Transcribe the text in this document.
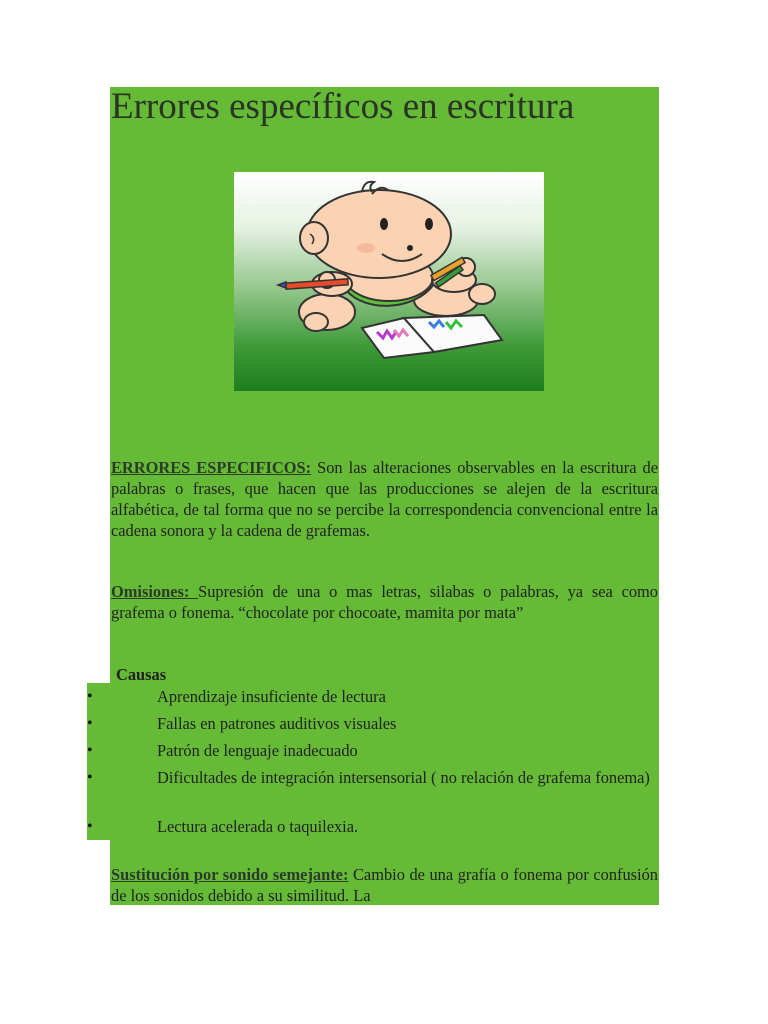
Errores específicos en escritura

ERRORES ESPECIFICOS: Son las alteraciones observables en la escritura de palabras o frases, que hacen que las producciones se alejen de la escritura alfabética, de tal forma que no se percibe la correspondencia convencional entre la cadena sonora y la cadena de grafemas.

Omisiones: Supresión de una o mas letras, silabas o palabras, ya sea como grafema o fonema. “chocolate por chocoate, mamita por mata”

Causas

•	Aprendizaje insuficiente de lectura
•	Fallas en patrones auditivos visuales
•	Patrón de lenguaje inadecuado
•	Dificultades de integración intersensorial ( no relación de grafema fonema)
•	Lectura acelerada o taquilexia.

Sustitución por sonido semejante: Cambio de una grafía o fonema por confusión de los sonidos debido a su similitud. La
